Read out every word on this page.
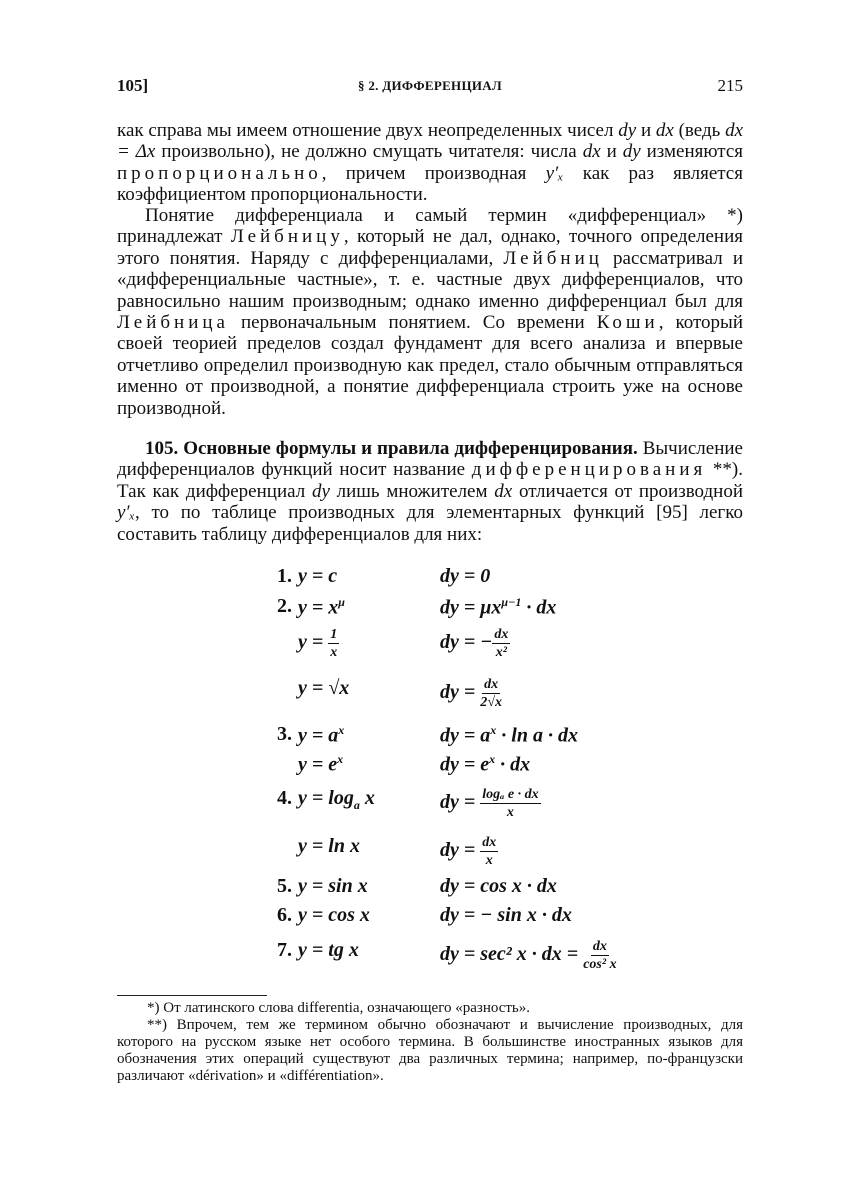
105]	§ 2. ДИФФЕРЕНЦИАЛ	215
как справа мы имеем отношение двух неопределенных чисел dy и dx (ведь dx = Δx произвольно), не должно смущать читателя: числа dx и dy изменяются пропорционально, причем производная y′ₓ как раз является коэффициентом пропорциональности.
Понятие дифференциала и самый термин «дифференциал» *) принадлежат Лейбницу, который не дал, однако, точного определения этого понятия. Наряду с дифференциалами, Лейбниц рассматривал и «дифференциальные частные», т. е. частные двух дифференциалов, что равносильно нашим производным; однако именно дифференциал был для Лейбница первоначальным понятием. Со времени Коши, который своей теорией пределов создал фундамент для всего анализа и впервые отчетливо определил производную как предел, стало обычным отправляться именно от производной, а понятие дифференциала строить уже на основе производной.
105. Основные формулы и правила дифференцирования. Вычисление дифференциалов функций носит название дифференцирования **). Так как дифференциал dy лишь множителем dx отличается от производной y′ₓ, то по таблице производных для элементарных функций [95] легко составить таблицу дифференциалов для них:
1. y = c	dy = 0
2. $y = x^\mu$	dy = $\mu x^{\mu-1}$ · dx
$y = \frac{1}{x}$	dy = − $\frac{dx}{\text{x²}}$
y = √x	dy = $\frac{dx}{2√x}$
3. $y = a^x$	dy = $a^x \cdot \ln a$ · dx
$y = e^x$	dy = $e^x$ · dx
4. $y = \log_a x$	dy = $\frac{\text{logₐ e · dx}}{x}$
y = ln x	dy = $\frac{dx}{x}$
5. y = sin x	dy = cos x · dx
6. y = cos x	dy = − sin x · dx
7. y = tg x	dy = sec² x · dx = $\frac{dx}{\text{cos² x}}$

*) От латинского слова differentia, означающего «разность».

**) Впрочем, тем же термином обычно обозначают и вычисление производных, для которого на русском языке нет особого термина. В большинстве иностранных языков для обозначения этих операций существуют два различных термина; например, по-французски различают «dérivation» и «différentiation».
